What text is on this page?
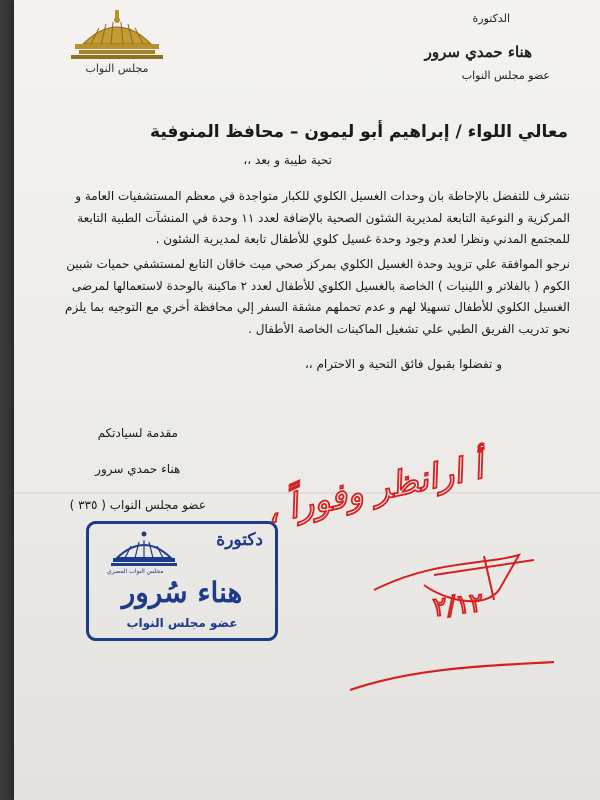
مجلس النواب
الدكتورة
هناء حمدي سرور
عضو مجلس النواب
معالي اللواء / إبراهيم أبو ليمون – محافظ المنوفية
تحية طيبة و بعد ،،
نتشرف للتفضل بالإحاطة بان وحدات الغسيل الكلوي للكبار متواجدة في معظم المستشفيات العامة و المركزية و النوعية التابعة لمديرية الشئون الصحية بالإضافة لعدد ١١ وحدة في المنشآت الطبية التابعة للمجتمع المدني ونظرا لعدم وجود وحدة غسيل كلوي للأطفال تابعة لمديرية الشئون .
نرجو الموافقة علي تزويد وحدة الغسيل الكلوي بمركز صحي ميت خاقان التابع لمستشفي حميات شبين الكوم ( بالفلاتر و اللينيات ) الخاصة بالغسيل الكلوي للأطفال لعدد ٢ ماكينة بالوحدة لاستعمالها لمرضى الغسيل الكلوي للأطفال تسهيلا لهم و عدم تحملهم مشقة السفر إلي محافظة أخري مع التوجيه بما يلزم نحو تدريب الفريق الطبي علي تشغيل الماكينات الخاصة الأطفال .
و تفضلوا بقبول فائق التحية و الاحترام ،،
مقدمة لسيادتكم
هناء حمدي سرور
عضو مجلس النواب ( ٣٣٥ )
دكتورة
مجلس النواب المصري
هناء سُرور
عضو مجلس النواب
أ ارانظر وفوراً ،
٢/١٢
